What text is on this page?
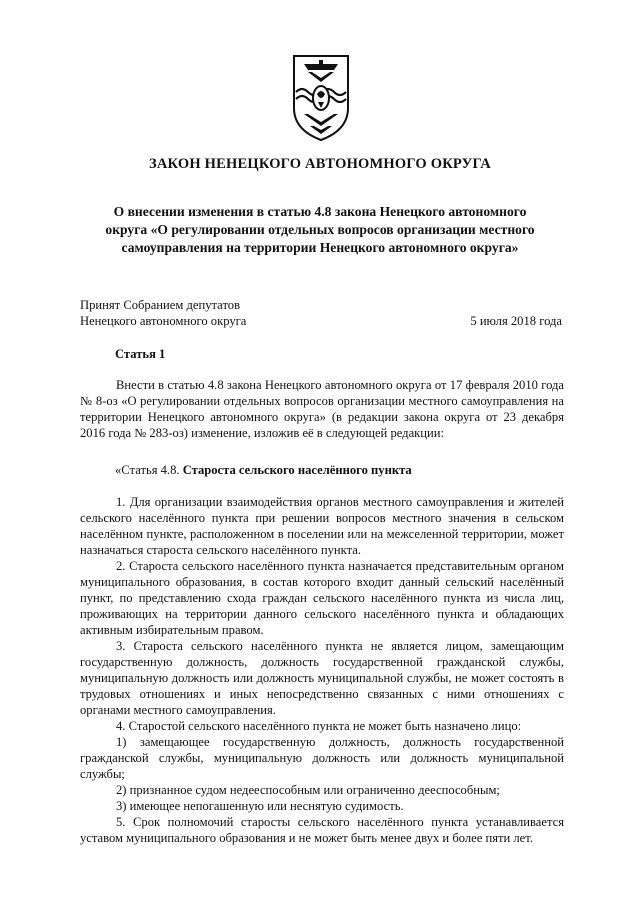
ЗАКОН НЕНЕЦКОГО АВТОНОМНОГО ОКРУГА
О внесении изменения в статью 4.8 закона Ненецкого автономного
округа «О регулировании отдельных вопросов организации местного
самоуправления на территории Ненецкого автономного округа»
Принят Собранием депутатов
Ненецкого автономного округа	5 июля 2018 года
Статья 1

Внести в статью 4.8 закона Ненецкого автономного округа от 17 февраля 2010 года № 8-оз «О регулировании отдельных вопросов организации местного самоуправления на территории Ненецкого автономного округа» (в редакции закона округа от 23 декабря 2016 года № 283-оз) изменение, изложив её в следующей редакции:

«Статья 4.8. Староста сельского населённого пункта

1. Для организации взаимодействия органов местного самоуправления и жителей сельского населённого пункта при решении вопросов местного значения в сельском населённом пункте, расположенном в поселении или на межселенной территории, может назначаться староста сельского населённого пункта.

2. Староста сельского населённого пункта назначается представительным органом муниципального образования, в состав которого входит данный сельский населённый пункт, по представлению схода граждан сельского населённого пункта из числа лиц, проживающих на территории данного сельского населённого пункта и обладающих активным избирательным правом.

3. Староста сельского населённого пункта не является лицом, замещающим государственную должность, должность государственной гражданской службы, муниципальную должность или должность муниципальной службы, не может состоять в трудовых отношениях и иных непосредственно связанных с ними отношениях с органами местного самоуправления.

4. Старостой сельского населённого пункта не может быть назначено лицо:

1) замещающее государственную должность, должность государственной гражданской службы, муниципальную должность или должность муниципальной службы;

2) признанное судом недееспособным или ограниченно дееспособным;

3) имеющее непогашенную или неснятую судимость.

5. Срок полномочий старосты сельского населённого пункта устанавливается уставом муниципального образования и не может быть менее двух и более пяти лет.
